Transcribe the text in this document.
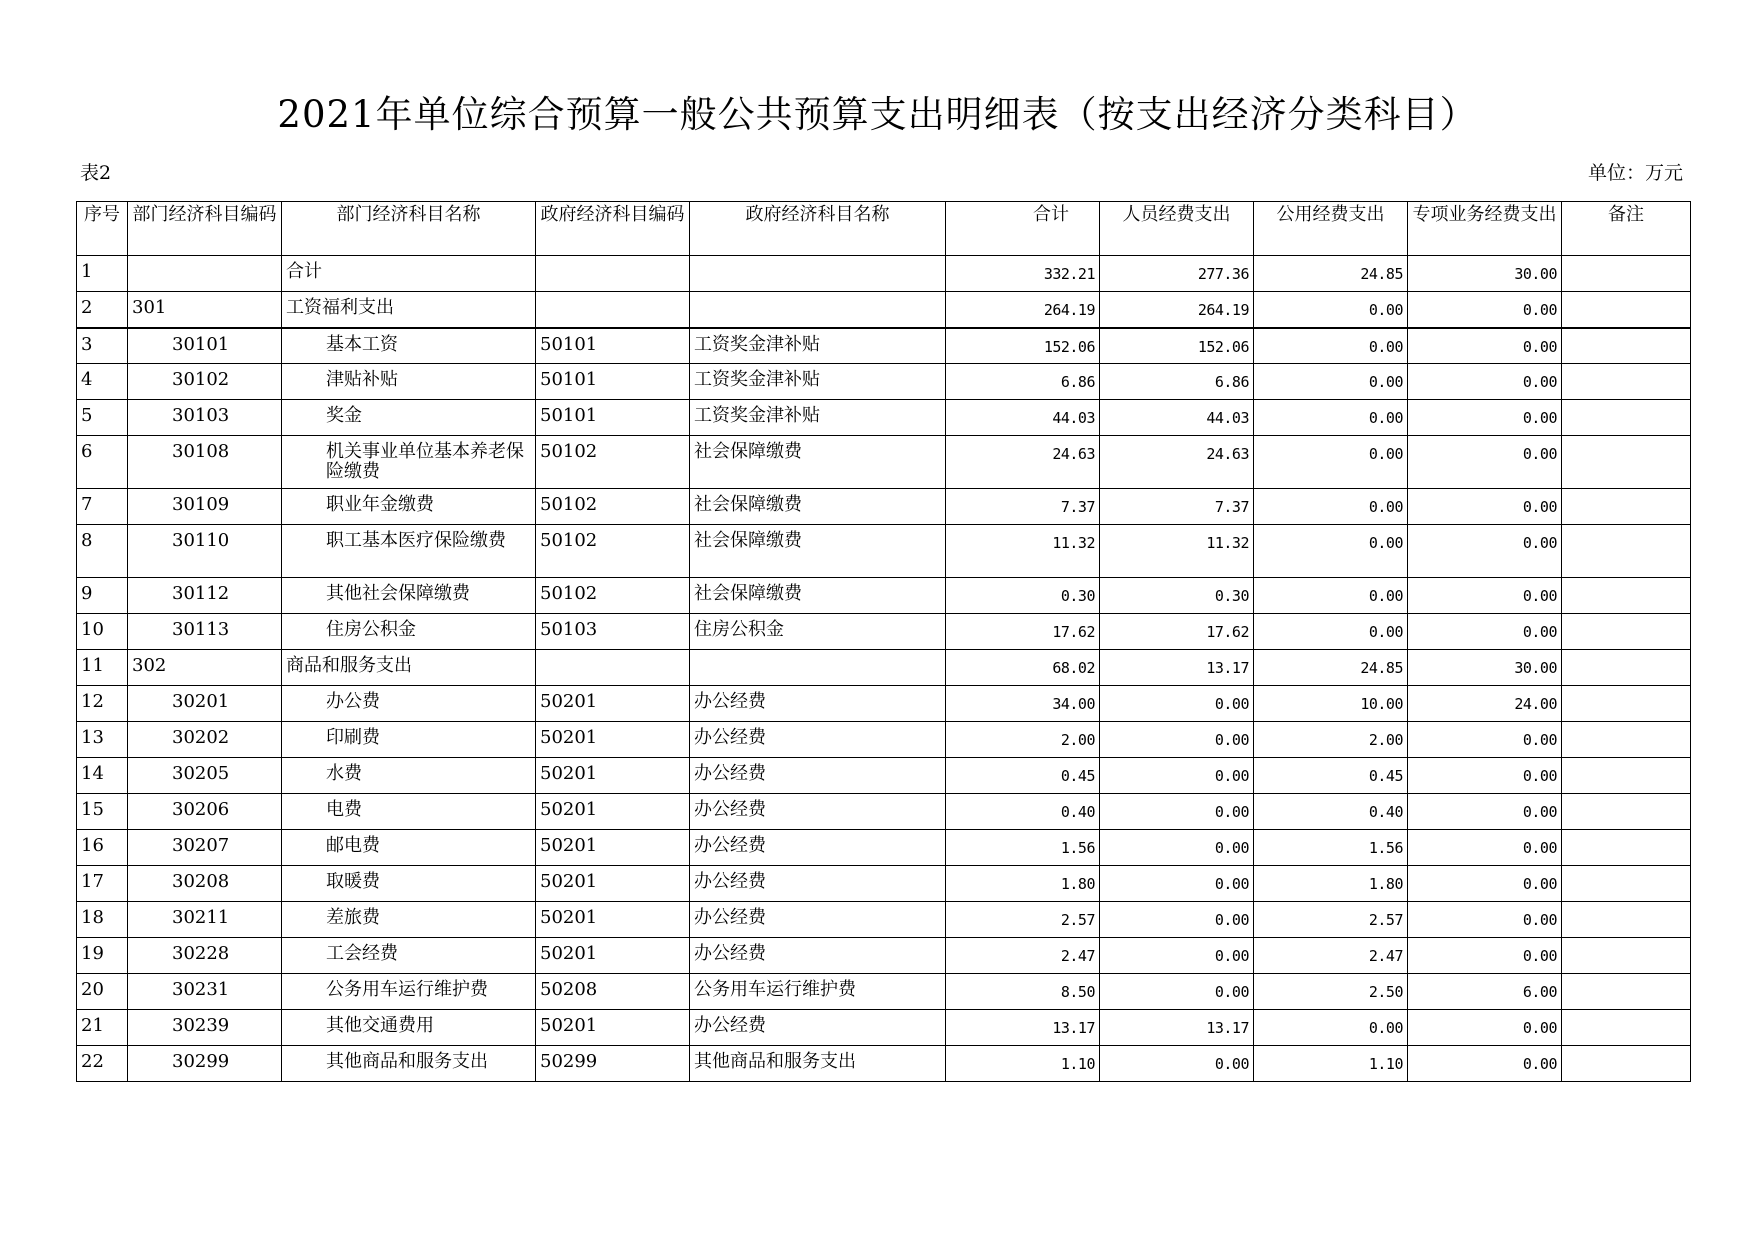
2021年单位综合预算一般公共预算支出明细表（按支出经济分类科目）
表2	单位：万元
序号	部门经济科目编码	部门经济科目名称	政府经济科目编码	政府经济科目名称	合计	人员经费支出	公用经费支出	专项业务经费支出	备注
1		合计			332.21	277.36	24.85	30.00	
2	301	工资福利支出			264.19	264.19	0.00	0.00	
3	30101	基本工资	50101	工资奖金津补贴	152.06	152.06	0.00	0.00	
4	30102	津贴补贴	50101	工资奖金津补贴	6.86	6.86	0.00	0.00	
5	30103	奖金	50101	工资奖金津补贴	44.03	44.03	0.00	0.00	
6	30108	机关事业单位基本养老保险缴费	50102	社会保障缴费	24.63	24.63	0.00	0.00	
7	30109	职业年金缴费	50102	社会保障缴费	7.37	7.37	0.00	0.00	
8	30110	职工基本医疗保险缴费	50102	社会保障缴费	11.32	11.32	0.00	0.00	
9	30112	其他社会保障缴费	50102	社会保障缴费	0.30	0.30	0.00	0.00	
10	30113	住房公积金	50103	住房公积金	17.62	17.62	0.00	0.00	
11	302	商品和服务支出			68.02	13.17	24.85	30.00	
12	30201	办公费	50201	办公经费	34.00	0.00	10.00	24.00	
13	30202	印刷费	50201	办公经费	2.00	0.00	2.00	0.00	
14	30205	水费	50201	办公经费	0.45	0.00	0.45	0.00	
15	30206	电费	50201	办公经费	0.40	0.00	0.40	0.00	
16	30207	邮电费	50201	办公经费	1.56	0.00	1.56	0.00	
17	30208	取暖费	50201	办公经费	1.80	0.00	1.80	0.00	
18	30211	差旅费	50201	办公经费	2.57	0.00	2.57	0.00	
19	30228	工会经费	50201	办公经费	2.47	0.00	2.47	0.00	
20	30231	公务用车运行维护费	50208	公务用车运行维护费	8.50	0.00	2.50	6.00	
21	30239	其他交通费用	50201	办公经费	13.17	13.17	0.00	0.00	
22	30299	其他商品和服务支出	50299	其他商品和服务支出	1.10	0.00	1.10	0.00	
